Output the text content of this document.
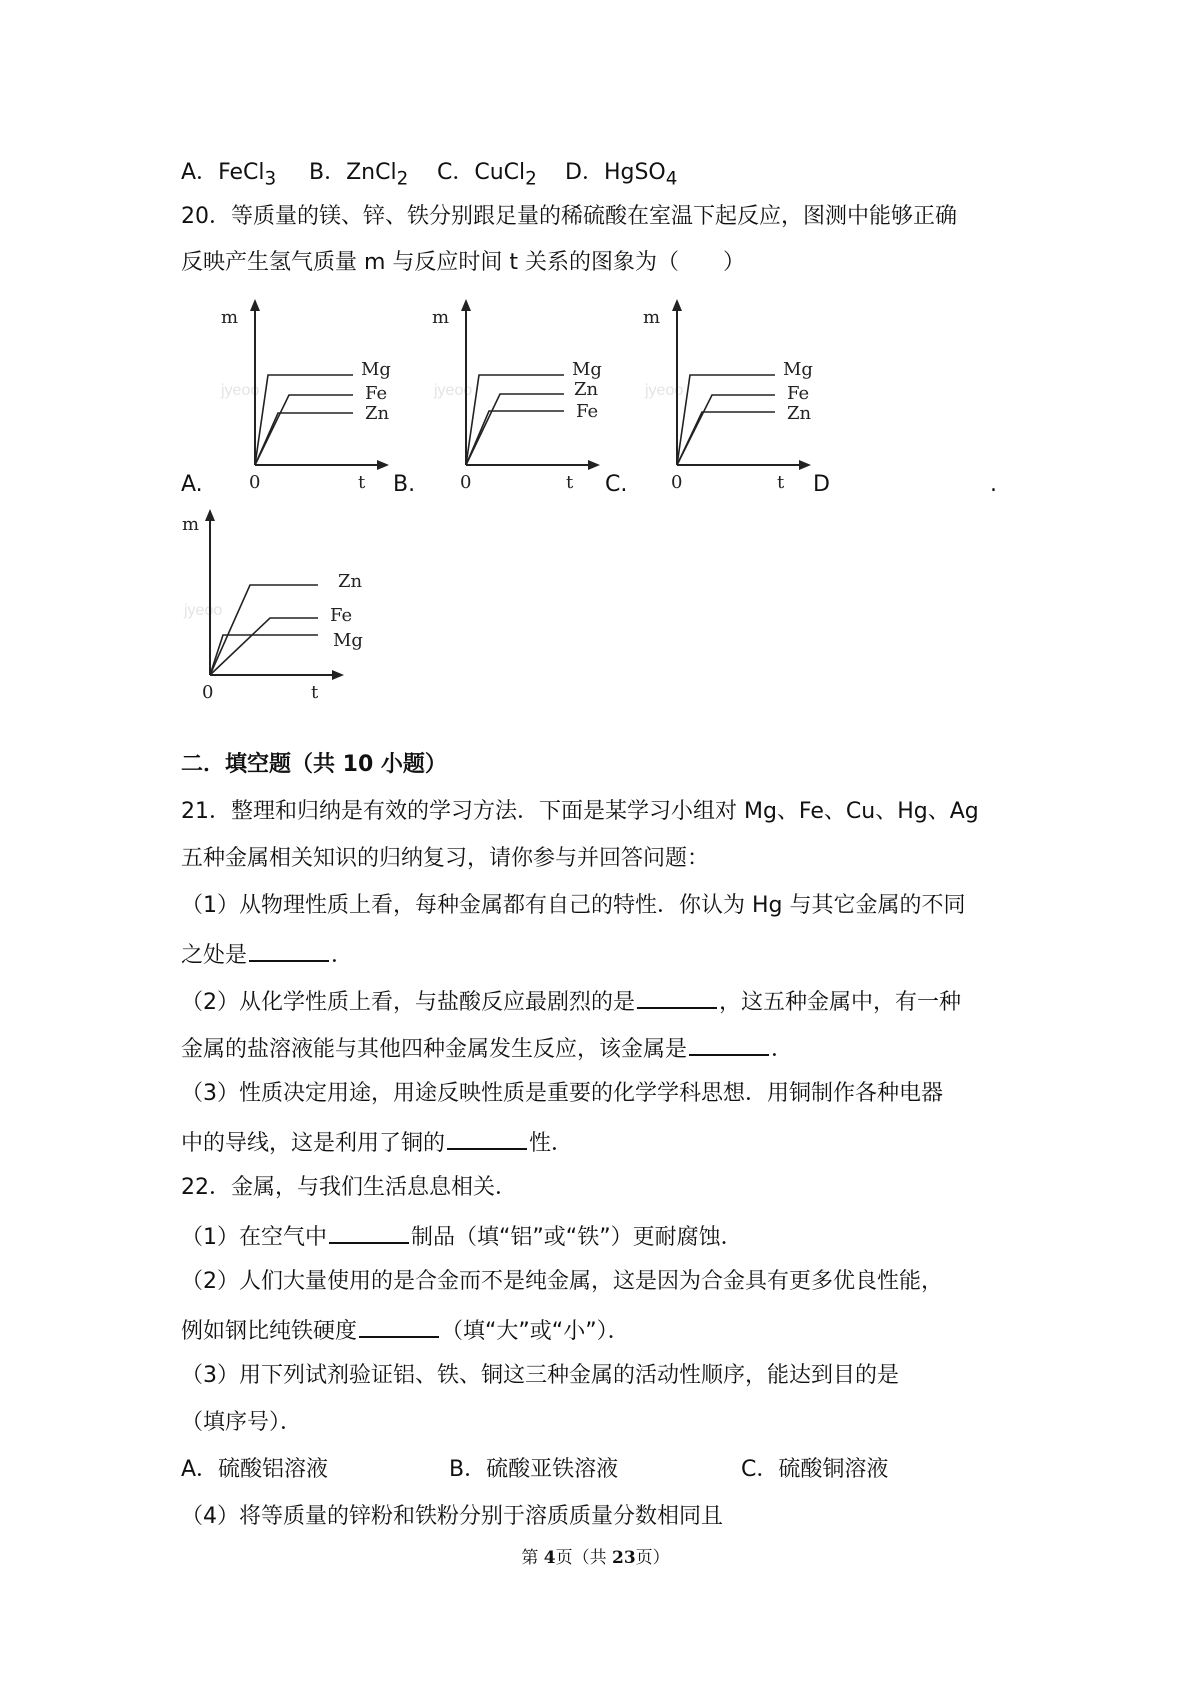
A．FeCl$_3$ B．ZnCl$_2$ C．CuCl$_2$ D．HgSO$_4$
20．等质量的镁、锌、铁分别跟足量的稀硫酸在室温下起反应，图测中能够正确
反映产生氢气质量 m 与反应时间 t 关系的图象为（　　）
jyeoo
m
t
0
Mg
Fe
Zn
A.
jyeoo
m
t
0
Mg
Zn
Fe
B.
jyeoo
m
t
0
Mg
Fe
Zn
C.	D	.
jyeoo
m
t
0
Zn
Fe
Mg
二．填空题（共 10 小题）
21．整理和归纳是有效的学习方法．下面是某学习小组对 Mg、Fe、Cu、Hg、Ag
五种金属相关知识的归纳复习，请你参与并回答问题：
（1）从物理性质上看，每种金属都有自己的特性．你认为 Hg 与其它金属的不同
之处是	．
（2）从化学性质上看，与盐酸反应最剧烈的是	，这五种金属中，有一种
金属的盐溶液能与其他四种金属发生反应，该金属是	．
（3）性质决定用途，用途反映性质是重要的化学学科思想．用铜制作各种电器
中的导线，这是利用了铜的	性．
22．金属，与我们生活息息相关．
（1）在空气中	制品（填“铝”或“铁”）更耐腐蚀．
（2）人们大量使用的是合金而不是纯金属，这是因为合金具有更多优良性能，
例如钢比纯铁硬度	（填“大”或“小”）．
（3）用下列试剂验证铝、铁、铜这三种金属的活动性顺序，能达到目的是
（填序号）．
A．硫酸铝溶液	B．硫酸亚铁溶液	C．硫酸铜溶液
（4）将等质量的锌粉和铁粉分别于溶质质量分数相同且
第 4页（共 23页）
